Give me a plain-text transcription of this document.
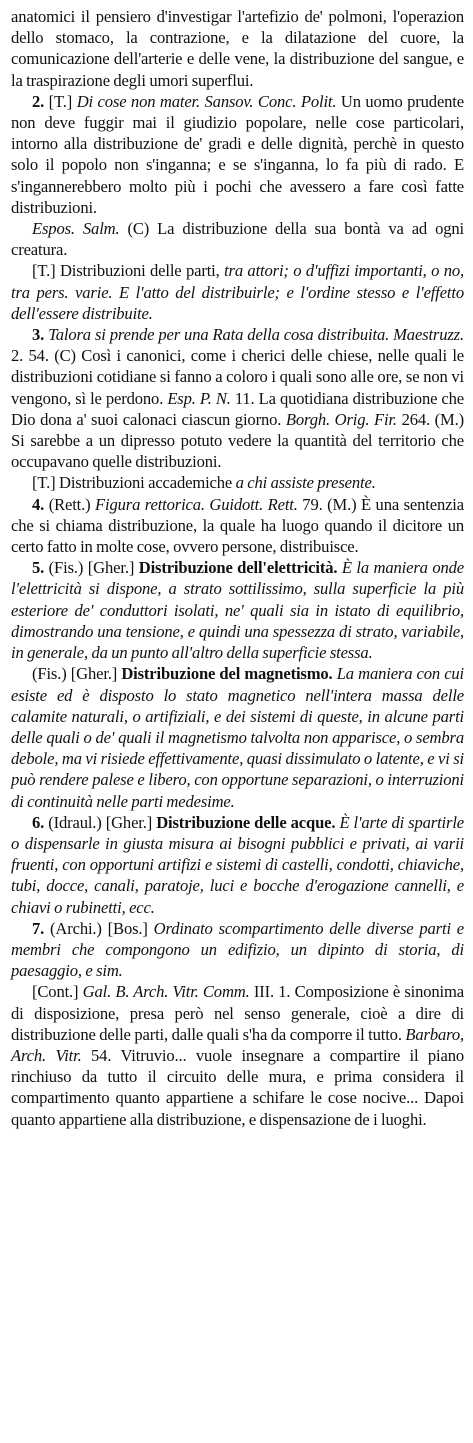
anatomici il pensiero d'investigar l'artefizio de' polmoni, l'operazion dello stomaco, la contrazione, e la dilatazione del cuore, la comunicazione dell'arterie e delle vene, la distribuzione del sangue, e la traspirazione degli umori superflui.

2. [T.] Di cose non mater. Sansov. Conc. Polit. Un uomo prudente non deve fuggir mai il giudizio popolare, nelle cose particolari, intorno alla distribuzione de' gradi e delle dignità, perchè in questo solo il popolo non s'inganna; e se s'inganna, lo fa più di rado. E s'ingannerebbero molto più i pochi che avessero a fare così fatte distribuzioni.

Espos. Salm. (C) La distribuzione della sua bontà va ad ogni creatura.

[T.] Distribuzioni delle parti, tra attori; o d'uffizi importanti, o no, tra pers. varie. E l'atto del distribuirle; e l'ordine stesso e l'effetto dell'essere distribuite.

3. Talora si prende per una Rata della cosa distribuita. Maestruzz. 2. 54. (C) Così i canonici, come i cherici delle chiese, nelle quali le distribuzioni cotidiane si fanno a coloro i quali sono alle ore, se non vi vengono, sì le perdono. Esp. P. N. 11. La quotidiana distribuzione che Dio dona a' suoi calonaci ciascun giorno. Borgh. Orig. Fir. 264. (M.) Si sarebbe a un dipresso potuto vedere la quantità del territorio che occupavano quelle distribuzioni.

[T.] Distribuzioni accademiche a chi assiste presente.

4. (Rett.) Figura rettorica. Guidott. Rett. 79. (M.) È una sentenzia che si chiama distribuzione, la quale ha luogo quando il dicitore un certo fatto in molte cose, ovvero persone, distribuisce.

5. (Fis.) [Gher.] Distribuzione dell'elettricità. È la maniera onde l'elettricità si dispone, a strato sottilissimo, sulla superficie la più esteriore de' conduttori isolati, ne' quali sia in istato di equilibrio, dimostrando una tensione, e quindi una spessezza di strato, variabile, in generale, da un punto all'altro della superficie stessa.

(Fis.) [Gher.] Distribuzione del magnetismo. La maniera con cui esiste ed è disposto lo stato magnetico nell'intera massa delle calamite naturali, o artifiziali, e dei sistemi di queste, in alcune parti delle quali o de' quali il magnetismo talvolta non apparisce, o sembra debole, ma vi risiede effettivamente, quasi dissimulato o latente, e vi si può rendere palese e libero, con opportune separazioni, o interruzioni di continuità nelle parti medesime.

6. (Idraul.) [Gher.] Distribuzione delle acque. È l'arte di spartirle o dispensarle in giusta misura ai bisogni pubblici e privati, ai varii fruenti, con opportuni artifizi e sistemi di castelli, condotti, chiaviche, tubi, docce, canali, paratoje, luci e bocche d'erogazione cannelli, e chiavi o rubinetti, ecc.

7. (Archi.) [Bos.] Ordinato scompartimento delle diverse parti e membri che compongono un edifizio, un dipinto di storia, di paesaggio, e sim.

[Cont.] Gal. B. Arch. Vitr. Comm. III. 1. Composizione è sinonima di disposizione, presa però nel senso generale, cioè a dire di distribuzione delle parti, dalle quali s'ha da comporre il tutto. Barbaro, Arch. Vitr. 54. Vitruvio... vuole insegnare a compartire il piano rinchiuso da tutto il circuito delle mura, e prima considera il compartimento quanto appartiene a schifare le cose nocive... Dapoi quanto appartiene alla distribuzione, e dispensazione de i luoghi.
